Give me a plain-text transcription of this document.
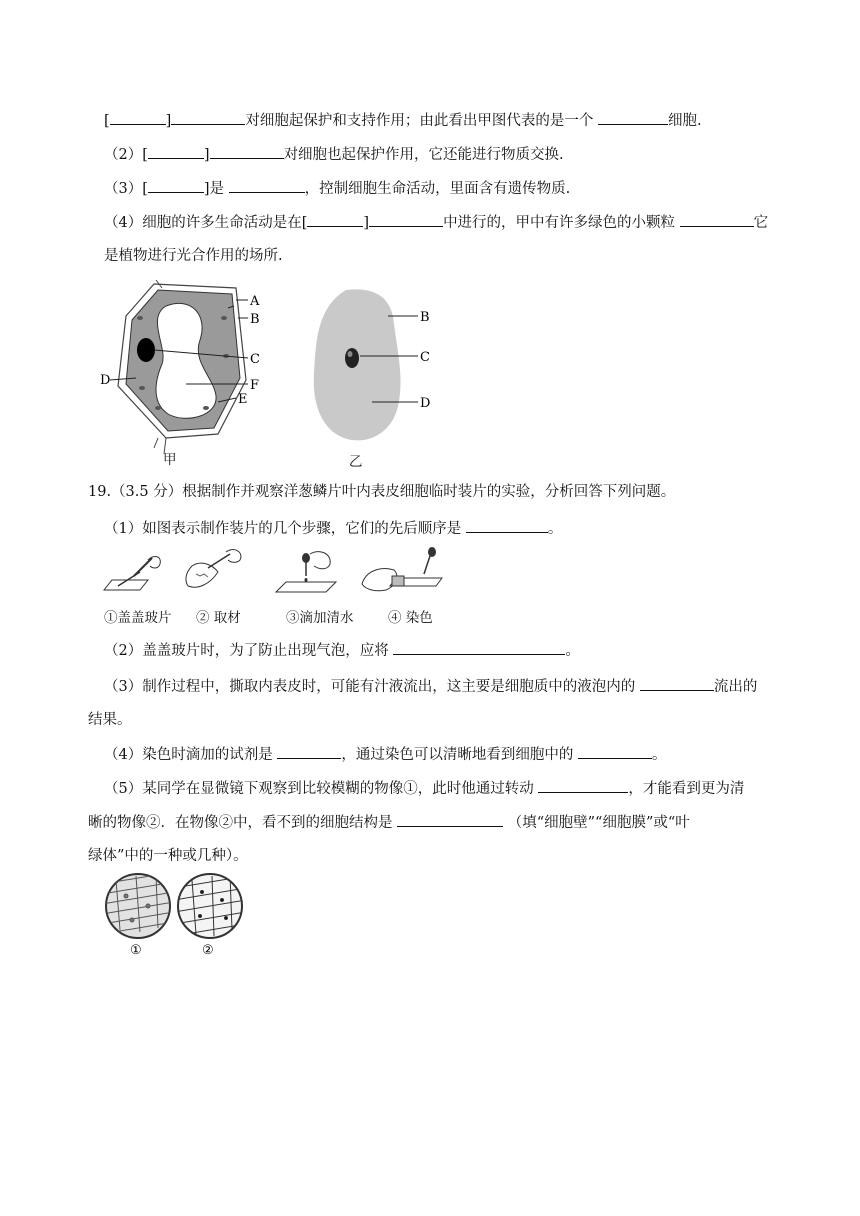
[	]	对细胞起保护和支持作用；由此看出甲图代表的是一个	细胞.
（2）[	]	对细胞也起保护作用，它还能进行物质交换.
（3）[	]是	，控制细胞生命活动，里面含有遗传物质.
（4）细胞的许多生命活动是在[	]	中进行的，甲中有许多绿色的小颗粒	它
是植物进行光合作用的场所.
A
B
C
D	F
E
甲
B
C
D
乙
19.（3.5 分）根据制作并观察洋葱鳞片叶内表皮细胞临时装片的实验，分析回答下列问题。
（1）如图表示制作装片的几个步骤，它们的先后顺序是	。
①盖盖玻片 ② 取材	③滴加清水	④ 染色
（2）盖盖玻片时，为了防止出现气泡，应将	。
（3）制作过程中，撕取内表皮时，可能有汁液流出，这主要是细胞质中的液泡内的	流出的
结果。
（4）染色时滴加的试剂是	，通过染色可以清晰地看到细胞中的	。
（5）某同学在显微镜下观察到比较模糊的物像①，此时他通过转动	，才能看到更为清
晰的物像②．在物像②中，看不到的细胞结构是	（填“细胞壁”“细胞膜”或“叶
绿体”中的一种或几种）。
①	②
